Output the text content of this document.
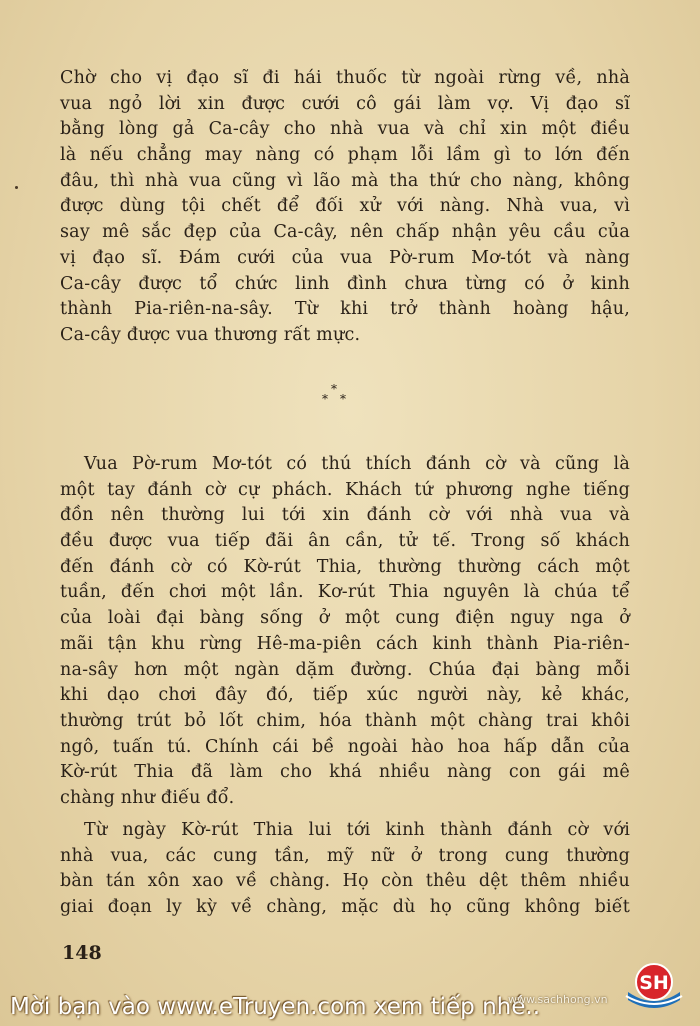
Chờ cho vị đạo sĩ đi hái thuốc từ ngoài rừng về, nhà
vua ngỏ lời xin được cưới cô gái làm vợ. Vị đạo sĩ
bằng lòng gả Ca-cây cho nhà vua và chỉ xin một điều
là nếu chẳng may nàng có phạm lỗi lầm gì to lớn đến
đâu, thì nhà vua cũng vì lão mà tha thứ cho nàng, không
được dùng tội chết để đối xử với nàng. Nhà vua, vì
say mê sắc đẹp của Ca-cây, nên chấp nhận yêu cầu của
vị đạo sĩ. Đám cưới của vua Pờ-rum Mơ-tót và nàng
Ca-cây được tổ chức linh đình chưa từng có ở kinh
thành Pia-riên-na-sây. Từ khi trở thành hoàng hậu,
Ca-cây được vua thương rất mực.
*
* *
Vua Pờ-rum Mơ-tót có thú thích đánh cờ và cũng là
một tay đánh cờ cự phách. Khách tứ phương nghe tiếng
đồn nên thường lui tới xin đánh cờ với nhà vua và
đều được vua tiếp đãi ân cần, tử tế. Trong số khách
đến đánh cờ có Kờ-rút Thia, thường thường cách một
tuần, đến chơi một lần. Kơ-rút Thia nguyên là chúa tể
của loài đại bàng sống ở một cung điện nguy nga ở
mãi tận khu rừng Hê-ma-piên cách kinh thành Pia-riên-
na-sây hơn một ngàn dặm đường. Chúa đại bàng mỗi
khi dạo chơi đây đó, tiếp xúc người này, kẻ khác,
thường trút bỏ lốt chim, hóa thành một chàng trai khôi
ngô, tuấn tú. Chính cái bề ngoài hào hoa hấp dẫn của
Kờ-rút Thia đã làm cho khá nhiều nàng con gái mê
chàng như điếu đổ.
Từ ngày Kờ-rút Thia lui tới kinh thành đánh cờ với
nhà vua, các cung tần, mỹ nữ ở trong cung thường
bàn tán xôn xao về chàng. Họ còn thêu dệt thêm nhiều
giai đoạn ly kỳ về chàng, mặc dù họ cũng không biết
148
Mời bạn vào www.eTruyen.com xem tiếp nhé..
www.sachhong.vn
SH
